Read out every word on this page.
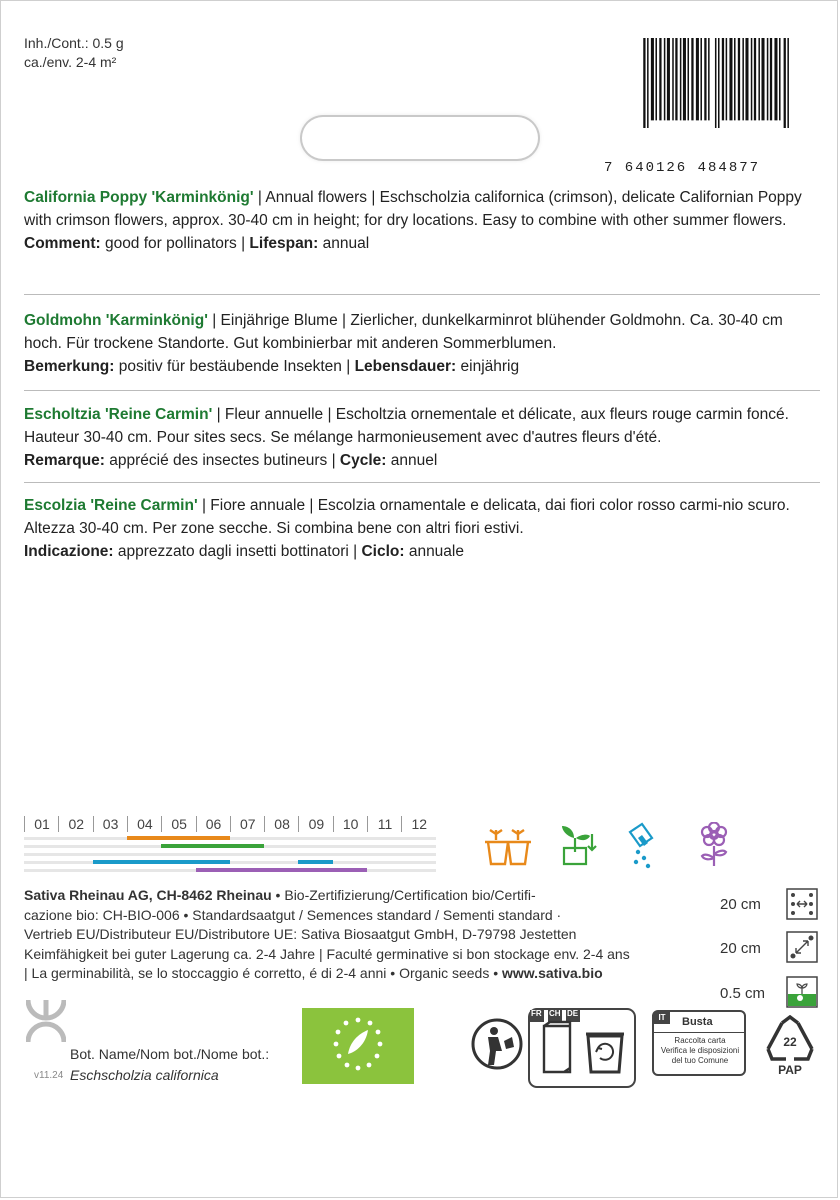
Inh./Cont.: 0.5 g
ca./env. 2-4 m²
7 640126 484877
California Poppy 'Karminkönig' | Annual flowers | Eschscholzia californica (crimson), delicate Californian Poppy with crimson flowers, approx. 30-40 cm in height; for dry locations. Easy to combine with other summer flowers.
Comment: good for pollinators | Lifespan: annual
Goldmohn 'Karminkönig' | Einjährige Blume | Zierlicher, dunkelkarminrot blühender Goldmohn. Ca. 30-40 cm hoch. Für trockene Standorte. Gut kombinierbar mit anderen Sommerblumen.
Bemerkung: positiv für bestäubende Insekten | Lebensdauer: einjährig
Escholtzia 'Reine Carmin' | Fleur annuelle | Escholtzia ornementale et délicate, aux fleurs rouge carmin foncé. Hauteur 30-40 cm. Pour sites secs. Se mélange harmonieusement avec d'autres fleurs d'été.
Remarque: apprécié des insectes butineurs | Cycle: annuel
Escolzia 'Reine Carmin' | Fiore annuale | Escolzia ornamentale e delicata, dai fiori color rosso carmi-nio scuro. Altezza 30-40 cm. Per zone secche. Si combina bene con altri fiori estivi.
Indicazione: apprezzato dagli insetti bottinatori | Ciclo: annuale
01	02	03	04	05	06	07	08	09	10	11	12
Sativa Rheinau AG, CH-8462 Rheinau • Bio-Zertifizierung/Certification bio/Certifi-
cazione bio: CH-BIO-006 • Standardsaatgut / Semences standard / Sementi standard ·
Vertrieb EU/Distributeur EU/Distributore UE: Sativa Biosaatgut GmbH, D-79798 Jestetten
Keimfähigkeit bei guter Lagerung ca. 2-4 Jahre | Faculté germinative si bon stockage env. 2-4 ans
| La germinabilità, se lo stoccaggio é corretto, é di 2-4 anni • Organic seeds • www.sativa.bio
20 cm
20 cm
0.5 cm
Bot. Name/Nom bot./Nome bot.:
Eschscholzia californica
v11.24
FR CH DE	IT	Busta
Raccolta carta
Verifica le disposizioni
del tuo Comune
22
PAP
